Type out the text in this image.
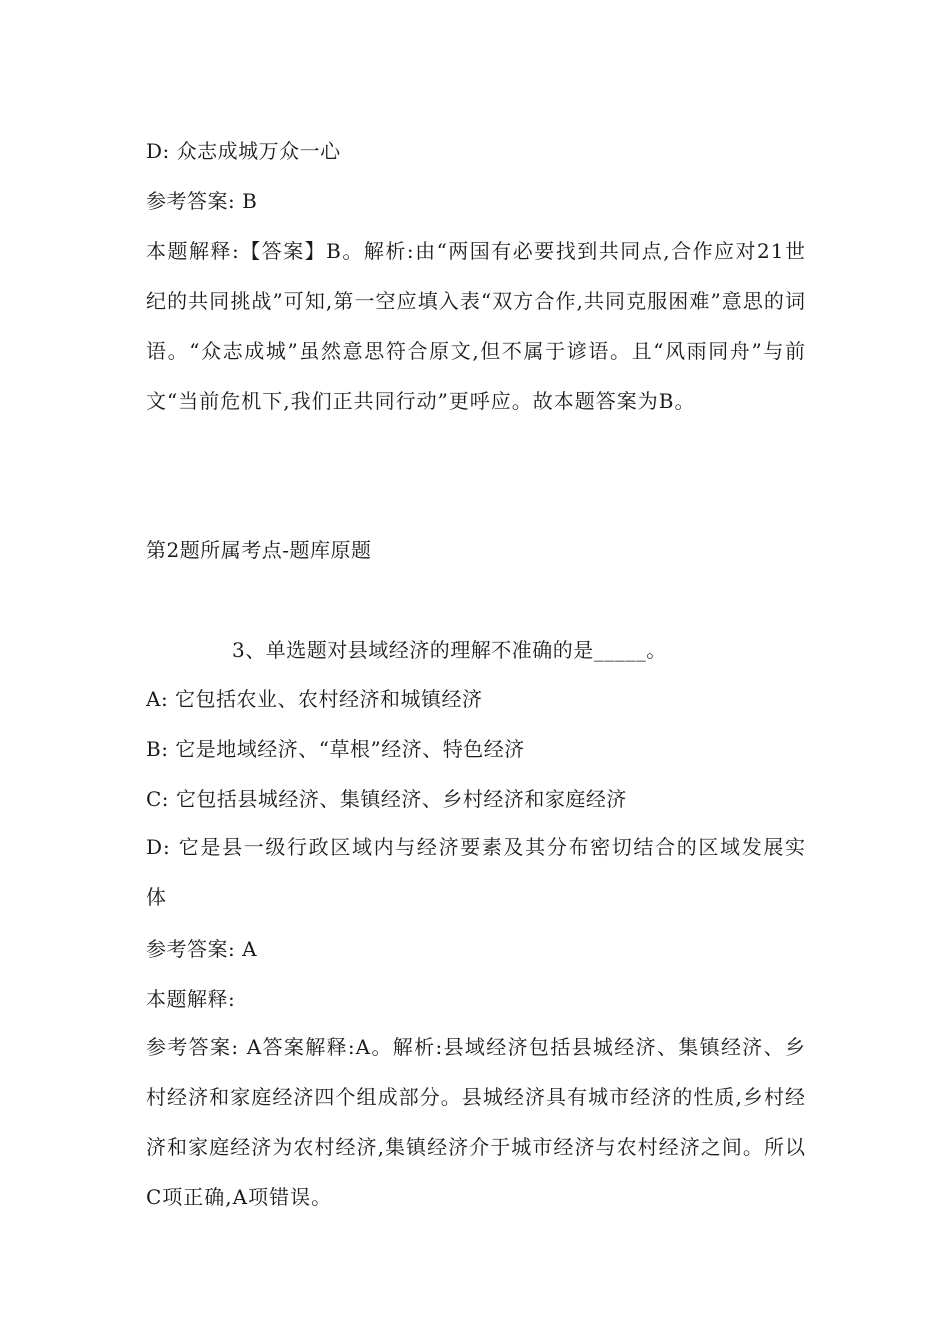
D: 众志成城万众一心
参考答案: B
本题解释:【答案】B。解析:由“两国有必要找到共同点,合作应对21世纪的共同挑战”可知,第一空应填入表“双方合作,共同克服困难”意思的词语。“众志成城”虽然意思符合原文,但不属于谚语。且“风雨同舟”与前文“当前危机下,我们正共同行动”更呼应。故本题答案为B。
第2题所属考点-题库原题
3、单选题对县域经济的理解不准确的是_____。
A: 它包括农业、农村经济和城镇经济
B: 它是地域经济、“草根”经济、特色经济
C: 它包括县城经济、集镇经济、乡村经济和家庭经济
D: 它是县一级行政区域内与经济要素及其分布密切结合的区域发展实体
参考答案: A
本题解释:
参考答案: A答案解释:A。解析:县域经济包括县城经济、集镇经济、乡村经济和家庭经济四个组成部分。县城经济具有城市经济的性质,乡村经济和家庭经济为农村经济,集镇经济介于城市经济与农村经济之间。所以C项正确,A项错误。
